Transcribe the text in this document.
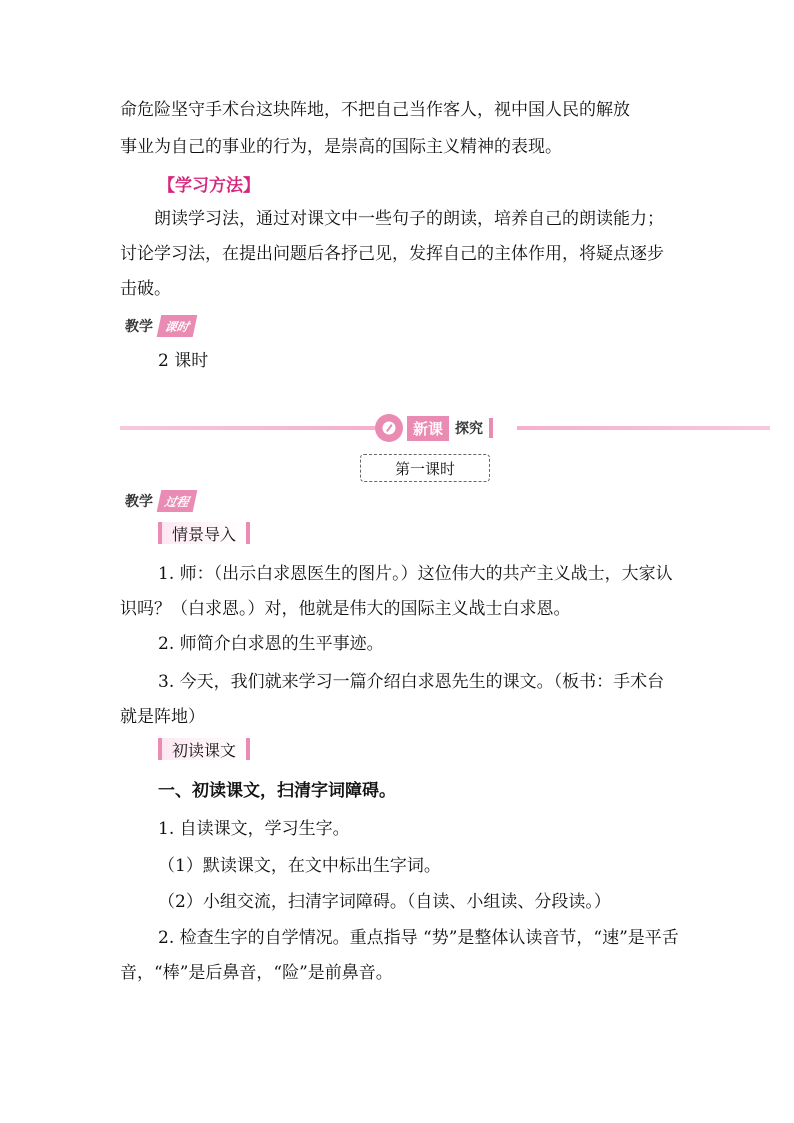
命危险坚守手术台这块阵地，不把自己当作客人，视中国人民的解放
事业为自己的事业的行为，是崇高的国际主义精神的表现。
【学习方法】

朗读学习法，通过对课文中一些句子的朗读，培养自己的朗读能力；讨论学习法，在提出问题后各抒己见，发挥自己的主体作用，将疑点逐步击破。

教学 课时
2 课时
新课 探究
第一课时
教学 过程
情景导入

1. 师：（出示白求恩医生的图片。）这位伟大的共产主义战士，大家认识吗？（白求恩。）对，他就是伟大的国际主义战士白求恩。

2. 师简介白求恩的生平事迹。

3. 今天，我们就来学习一篇介绍白求恩先生的课文。（板书：手术台就是阵地）

初读课文
一、初读课文，扫清字词障碍。
1. 自读课文，学习生字。
（1）默读课文，在文中标出生字词。
（2）小组交流，扫清字词障碍。（自读、小组读、分段读。）

2. 检查生字的自学情况。重点指导 “势”是整体认读音节，“速”是平舌音，“棒”是后鼻音，“险”是前鼻音。
